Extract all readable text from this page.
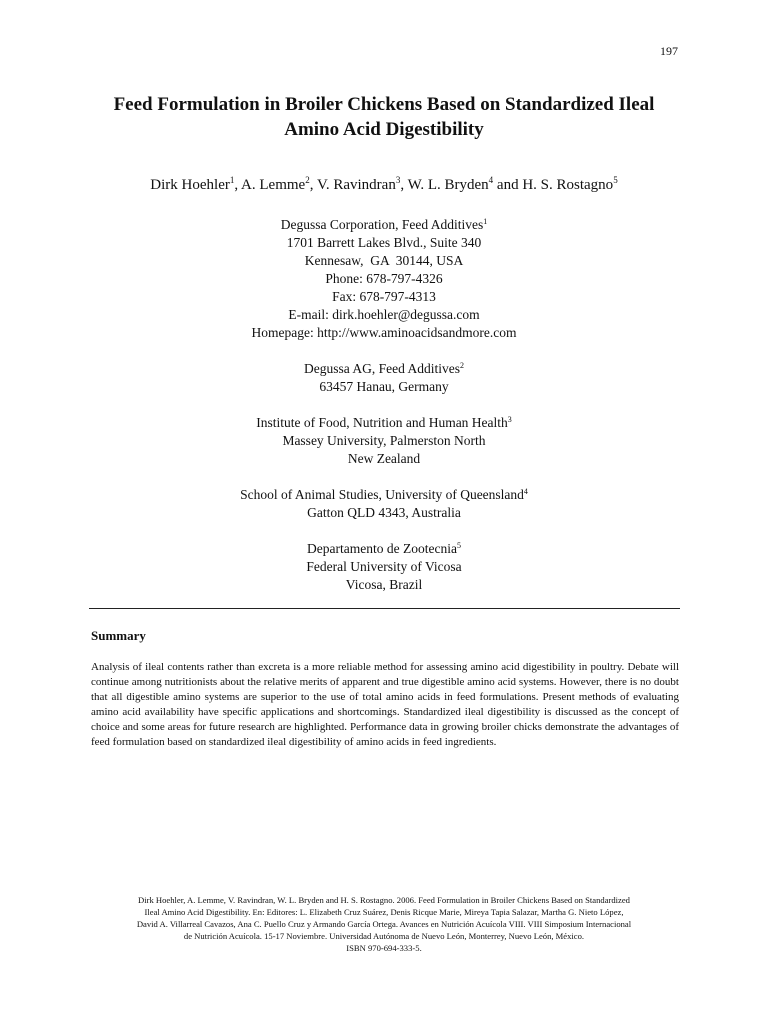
197
Feed Formulation in Broiler Chickens Based on Standardized Ileal
Amino Acid Digestibility
Dirk Hoehler$^1$, A. Lemme$^2$, V. Ravindran$^3$, W. L. Bryden$^4$ and H. S. Rostagno$^5$
Degussa Corporation, Feed Additives$^1$
1701 Barrett Lakes Blvd., Suite 340
Kennesaw,  GA  30144, USA
Phone: 678-797-4326
Fax: 678-797-4313
E-mail: dirk.hoehler@degussa.com
Homepage: http://www.aminoacidsandmore.com
Degussa AG, Feed Additives$^2$
63457 Hanau, Germany
Institute of Food, Nutrition and Human Health$^3$
Massey University, Palmerston North
New Zealand
School of Animal Studies, University of Queensland$^4$
Gatton QLD 4343, Australia
Departamento de Zootecnia$^5$
Federal University of Vicosa
Vicosa, Brazil
Summary

Analysis of ileal contents rather than excreta is a more reliable method for assessing amino acid digestibility in poultry. Debate will continue among nutritionists about the relative merits of apparent and true digestible amino acid systems. However, there is no doubt that all digestible amino systems are superior to the use of total amino acids in feed formulations. Present methods of evaluating amino acid availability have specific applications and shortcomings. Standardized ileal digestibility is discussed as the concept of choice and some areas for future research are highlighted. Performance data in growing broiler chicks demonstrate the advantages of feed formulation based on standardized ileal digestibility of amino acids in feed ingredients.

Dirk Hoehler, A. Lemme, V. Ravindran, W. L. Bryden and H. S. Rostagno. 2006. Feed Formulation in Broiler Chickens Based on Standardized
Ileal Amino Acid Digestibility. En: Editores: L. Elizabeth Cruz Suárez, Denis Ricque Marie, Mireya Tapia Salazar, Martha G. Nieto López,
David A. Villarreal Cavazos, Ana C. Puello Cruz y Armando García Ortega. Avances en Nutrición Acuícola VIII. VIII Simposium Internacional
de Nutrición Acuícola. 15-17 Noviembre. Universidad Autónoma de Nuevo León, Monterrey, Nuevo León, México.
ISBN 970-694-333-5.
